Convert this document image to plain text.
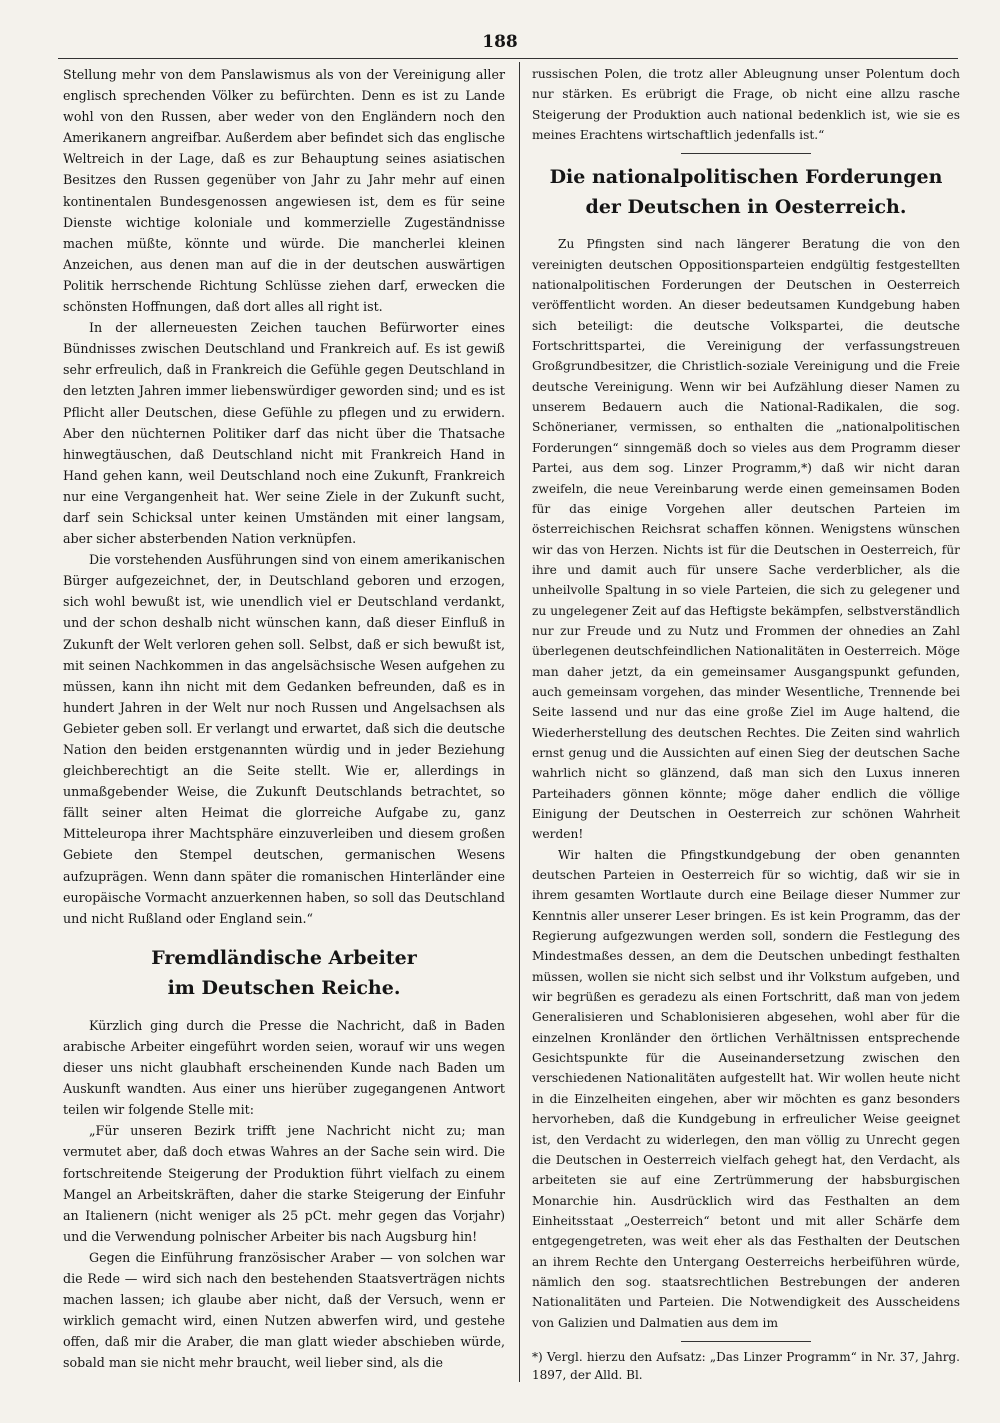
188

Stellung mehr von dem Panslawismus als von der Vereinigung aller englisch sprechenden Völker zu befürchten. Denn es ist zu Lande wohl von den Russen, aber weder von den Engländern noch den Amerikanern angreifbar. Außerdem aber befindet sich das englische Weltreich in der Lage, daß es zur Behauptung seines asiatischen Besitzes den Russen gegenüber von Jahr zu Jahr mehr auf einen kontinentalen Bundesgenossen angewiesen ist, dem es für seine Dienste wichtige koloniale und kommerzielle Zugeständnisse machen müßte, könnte und würde. Die mancherlei kleinen Anzeichen, aus denen man auf die in der deutschen auswärtigen Politik herrschende Richtung Schlüsse ziehen darf, erwecken die schönsten Hoffnungen, daß dort alles all right ist.

In der allerneuesten Zeichen tauchen Befürworter eines Bündnisses zwischen Deutschland und Frankreich auf. Es ist gewiß sehr erfreulich, daß in Frankreich die Gefühle gegen Deutschland in den letzten Jahren immer liebenswürdiger geworden sind; und es ist Pflicht aller Deutschen, diese Gefühle zu pflegen und zu erwidern. Aber den nüchternen Politiker darf das nicht über die Thatsache hinwegtäuschen, daß Deutschland nicht mit Frankreich Hand in Hand gehen kann, weil Deutschland noch eine Zukunft, Frankreich nur eine Vergangenheit hat. Wer seine Ziele in der Zukunft sucht, darf sein Schicksal unter keinen Umständen mit einer langsam, aber sicher absterbenden Nation verknüpfen.

Die vorstehenden Ausführungen sind von einem amerikanischen Bürger aufgezeichnet, der, in Deutschland geboren und erzogen, sich wohl bewußt ist, wie unendlich viel er Deutschland verdankt, und der schon deshalb nicht wünschen kann, daß dieser Einfluß in Zukunft der Welt verloren gehen soll. Selbst, daß er sich bewußt ist, mit seinen Nachkommen in das angelsächsische Wesen aufgehen zu müssen, kann ihn nicht mit dem Gedanken befreunden, daß es in hundert Jahren in der Welt nur noch Russen und Angelsachsen als Gebieter geben soll. Er verlangt und erwartet, daß sich die deutsche Nation den beiden erstgenannten würdig und in jeder Beziehung gleichberechtigt an die Seite stellt. Wie er, allerdings in unmaßgebender Weise, die Zukunft Deutschlands betrachtet, so fällt seiner alten Heimat die glorreiche Aufgabe zu, ganz Mitteleuropa ihrer Machtsphäre einzuverleiben und diesem großen Gebiete den Stempel deutschen, germanischen Wesens aufzuprägen. Wenn dann später die romanischen Hinterländer eine europäische Vormacht anzuerkennen haben, so soll das Deutschland und nicht Rußland oder England sein.“

Fremdländische Arbeiter
im Deutschen Reiche.

Kürzlich ging durch die Presse die Nachricht, daß in Baden arabische Arbeiter eingeführt worden seien, worauf wir uns wegen dieser uns nicht glaubhaft erscheinenden Kunde nach Baden um Auskunft wandten. Aus einer uns hierüber zugegangenen Antwort teilen wir folgende Stelle mit:

„Für unseren Bezirk trifft jene Nachricht nicht zu; man vermutet aber, daß doch etwas Wahres an der Sache sein wird. Die fortschreitende Steigerung der Produktion führt vielfach zu einem Mangel an Arbeitskräften, daher die starke Steigerung der Einfuhr an Italienern (nicht weniger als 25 pCt. mehr gegen das Vorjahr) und die Verwendung polnischer Arbeiter bis nach Augsburg hin!

Gegen die Einführung französischer Araber — von solchen war die Rede — wird sich nach den bestehenden Staatsverträgen nichts machen lassen; ich glaube aber nicht, daß der Versuch, wenn er wirklich gemacht wird, einen Nutzen abwerfen wird, und gestehe offen, daß mir die Araber, die man glatt wieder abschieben würde, sobald man sie nicht mehr braucht, weil lieber sind, als die

russischen Polen, die trotz aller Ableugnung unser Polentum doch nur stärken. Es erübrigt die Frage, ob nicht eine allzu rasche Steigerung der Produktion auch national bedenklich ist, wie sie es meines Erachtens wirtschaftlich jedenfalls ist.“

Die nationalpolitischen Forderungen
der Deutschen in Oesterreich.

Zu Pfingsten sind nach längerer Beratung die von den vereinigten deutschen Oppositionsparteien endgültig festgestellten nationalpolitischen Forderungen der Deutschen in Oesterreich veröffentlicht worden. An dieser bedeutsamen Kundgebung haben sich beteiligt: die deutsche Volkspartei, die deutsche Fortschrittspartei, die Vereinigung der verfassungstreuen Großgrundbesitzer, die Christlich-soziale Vereinigung und die Freie deutsche Vereinigung. Wenn wir bei Aufzählung dieser Namen zu unserem Bedauern auch die National-Radikalen, die sog. Schönerianer, vermissen, so enthalten die „nationalpolitischen Forderungen“ sinngemäß doch so vieles aus dem Programm dieser Partei, aus dem sog. Linzer Programm,*) daß wir nicht daran zweifeln, die neue Vereinbarung werde einen gemeinsamen Boden für das einige Vorgehen aller deutschen Parteien im österreichischen Reichsrat schaffen können. Wenigstens wünschen wir das von Herzen. Nichts ist für die Deutschen in Oesterreich, für ihre und damit auch für unsere Sache verderblicher, als die unheilvolle Spaltung in so viele Parteien, die sich zu gelegener und zu ungelegener Zeit auf das Heftigste bekämpfen, selbstverständlich nur zur Freude und zu Nutz und Frommen der ohnedies an Zahl überlegenen deutschfeindlichen Nationalitäten in Oesterreich. Möge man daher jetzt, da ein gemeinsamer Ausgangspunkt gefunden, auch gemeinsam vorgehen, das minder Wesentliche, Trennende bei Seite lassend und nur das eine große Ziel im Auge haltend, die Wiederherstellung des deutschen Rechtes. Die Zeiten sind wahrlich ernst genug und die Aussichten auf einen Sieg der deutschen Sache wahrlich nicht so glänzend, daß man sich den Luxus inneren Parteihaders gönnen könnte; möge daher endlich die völlige Einigung der Deutschen in Oesterreich zur schönen Wahrheit werden!

Wir halten die Pfingstkundgebung der oben genannten deutschen Parteien in Oesterreich für so wichtig, daß wir sie in ihrem gesamten Wortlaute durch eine Beilage dieser Nummer zur Kenntnis aller unserer Leser bringen. Es ist kein Programm, das der Regierung aufgezwungen werden soll, sondern die Festlegung des Mindestmaßes dessen, an dem die Deutschen unbedingt festhalten müssen, wollen sie nicht sich selbst und ihr Volkstum aufgeben, und wir begrüßen es geradezu als einen Fortschritt, daß man von jedem Generalisieren und Schablonisieren abgesehen, wohl aber für die einzelnen Kronländer den örtlichen Verhältnissen entsprechende Gesichtspunkte für die Auseinandersetzung zwischen den verschiedenen Nationalitäten aufgestellt hat. Wir wollen heute nicht in die Einzelheiten eingehen, aber wir möchten es ganz besonders hervorheben, daß die Kundgebung in erfreulicher Weise geeignet ist, den Verdacht zu widerlegen, den man völlig zu Unrecht gegen die Deutschen in Oesterreich vielfach gehegt hat, den Verdacht, als arbeiteten sie auf eine Zertrümmerung der habsburgischen Monarchie hin. Ausdrücklich wird das Festhalten an dem Einheitsstaat „Oesterreich“ betont und mit aller Schärfe dem entgegengetreten, was weit eher als das Festhalten der Deutschen an ihrem Rechte den Untergang Oesterreichs herbeiführen würde, nämlich den sog. staatsrechtlichen Bestrebungen der anderen Nationalitäten und Parteien. Die Notwendigkeit des Ausscheidens von Galizien und Dalmatien aus dem im

*) Vergl. hierzu den Aufsatz: „Das Linzer Programm“ in Nr. 37, Jahrg. 1897, der Alld. Bl.
